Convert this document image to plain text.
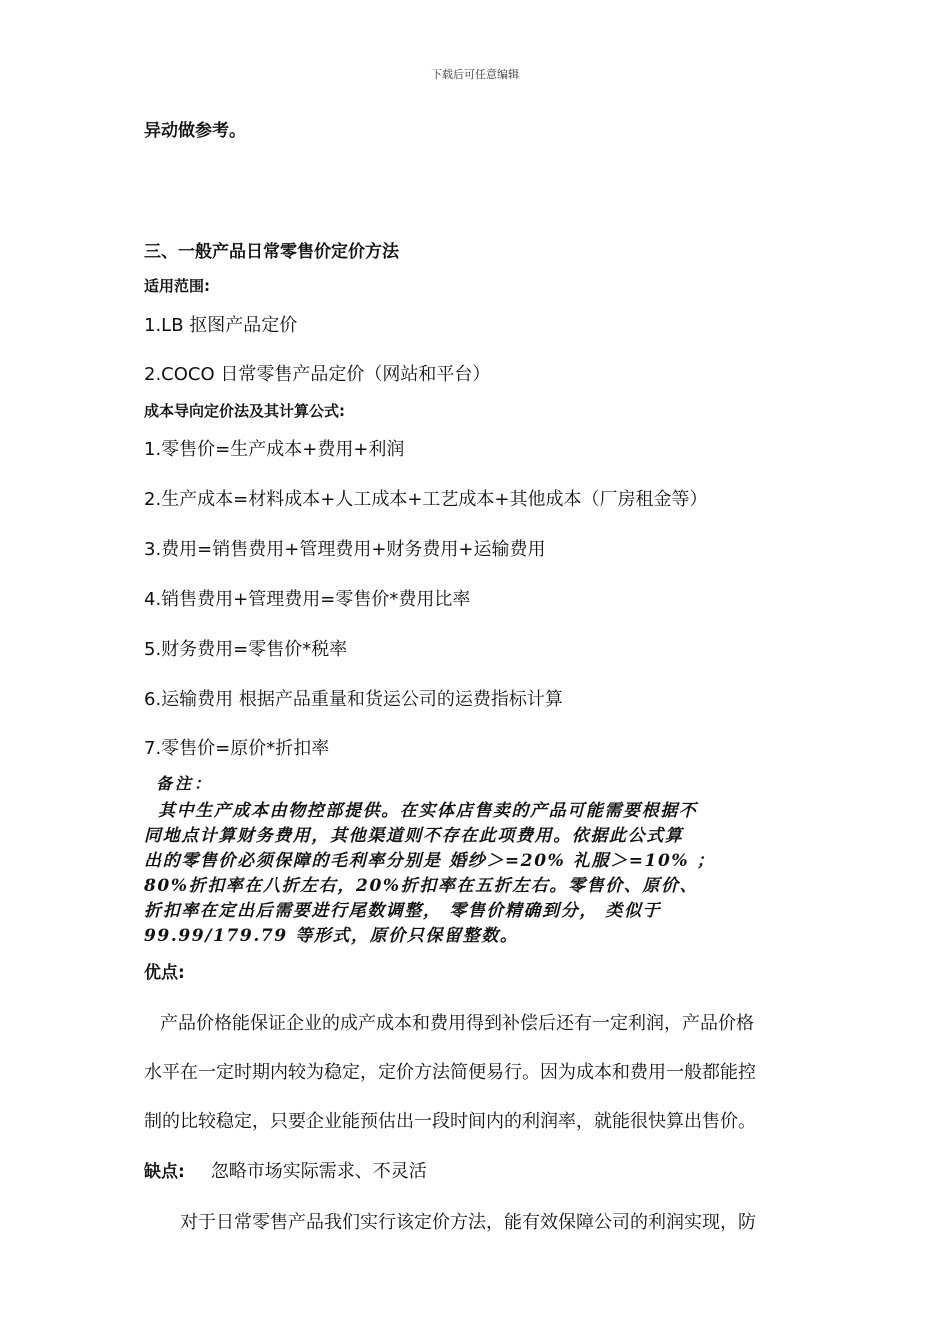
下载后可任意编辑
异动做参考。
三、一般产品日常零售价定价方法
适用范围:
1.LB 抠图产品定价
2.COCO 日常零售产品定价（网站和平台）
成本导向定价法及其计算公式:
1.零售价=生产成本+费用+利润
2.生产成本=材料成本+人工成本+工艺成本+其他成本（厂房租金等）
3.费用=销售费用+管理费用+财务费用+运输费用
4.销售费用+管理费用=零售价*费用比率
5.财务费用=零售价*税率
6.运输费用 根据产品重量和货运公司的运费指标计算
7.零售价=原价*折扣率
备注：
其中生产成本由物控部提供。在实体店售卖的产品可能需要根据不
同地点计算财务费用，其他渠道则不存在此项费用。依据此公式算
出的零售价必须保障的毛利率分别是 婚纱＞=20% 礼服＞=10% ；
80%折扣率在八折左右，20%折扣率在五折左右。零售价、原价、
折扣率在定出后需要进行尾数调整， 零售价精确到分， 类似于
99.99/179.79 等形式，原价只保留整数。
优点:
产品价格能保证企业的成产成本和费用得到补偿后还有一定利润，产品价格
水平在一定时期内较为稳定，定价方法简便易行。因为成本和费用一般都能控
制的比较稳定，只要企业能预估出一段时间内的利润率，就能很快算出售价。
缺点: 忽略市场实际需求、不灵活
对于日常零售产品我们实行该定价方法，能有效保障公司的利润实现，防
